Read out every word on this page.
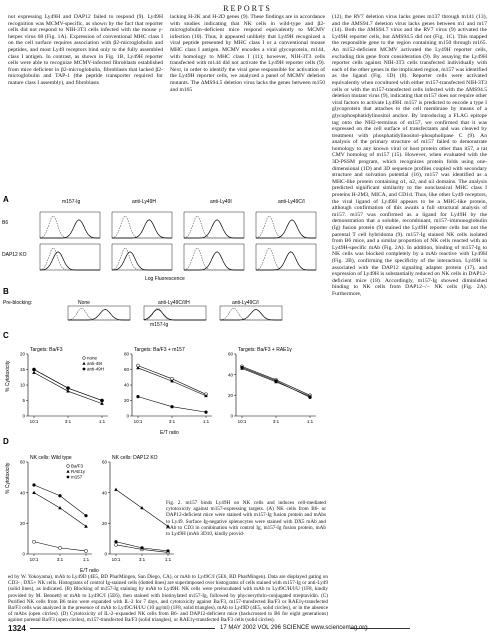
REPORTS

not expressing Ly49H and DAP12 failed to respond (9). Ly49H recognition was MCMV-specific, as shown by the fact that reporter cells did not respond to NIH-3T3 cells infected with the mouse γ-herpes virus 68 (Fig. 1A). Expression of conventional MHC class I on the cell surface requires association with β2-microglobulin and peptides, and most Ly49 receptors bind only to the fully assembled class I antigen. In contrast, as shown in Fig. 1B, Ly49H reporter cells were able to recognize MCMV-infected fibroblasts established from mice deficient in β2-microglobulin, fibroblasts that lacked β2-microglobulin and TAP-1 (the peptide transporter required for mature class I assembly), and fibroblasts

lacking H-2K and H-2D genes (9). These findings are in accordance with studies indicating that NK cells in wild-type and β2-microglobulin–deficient mice respond equivalently to MCMV infection (10). Thus, it appeared unlikely that Ly49H recognized a viral peptide presented by MHC class I or a conventional mouse MHC class I antigen. MCMV encodes a viral glycoprotein, m144, with homology to MHC class I (11); however, NIH-3T3 cells transfected with m144 did not activate the Ly49H reporter cells (9). Next, in order to identify the viral gene responsible for activation of the Ly49H reporter cells, we analyzed a panel of MCMV deletion mutants. The ΔMS94.5 deletion virus lacks the genes between m150 and m165

(12), the RV7 deletion virus lacks genes m137 through m141 (13), and the ΔMS94.7 deletion virus lacks genes between m1 and m17 (14). Both the ΔMS94.7 virus and the RV7 virus (9) activated the Ly49H reporter cells, but ΔMS94.5 did not (Fig. 1C). This mapped the responsible gene to the region containing m150 through m165. An m152-deficient MCMV activated the Ly49H reporter cells, excluding this gene from consideration (9). By assaying the Ly49H reporter cells against NIH-3T3 cells transfected individually with each of the other genes in the implicated region, m157 was identified as the ligand (Fig. 1D) (8). Reporter cells were activated equivalently when cocultured with either m157-transfected NIH-3T3 cells or with the m157-transfected cells infected with the ΔMS94.5 deletion mutant virus (9), indicating that m157 does not require other viral factors to activate Ly49H. m157 is predicted to encode a type I glycoprotein that attaches to the cell membrane by means of a glycophosphatidylinositol anchor. By introducing a FLAG epitope tag onto the NH2-terminus of m157, we confirmed that it was expressed on the cell surface of transfectants and was cleaved by treatment with phosphatidylinositol–phospholipase C (9). An analysis of the primary structure of m157 failed to demonstrate homology to any known viral or host protein other than it57, a rat CMV homolog of m157 (15). However, when evaluated with the 3D-PSSM program, which recognizes protein folds using one-dimensional (1D) and 3D sequence profiles coupled with secondary structure and solvation potential (16), m157 was identified as a MHC-like protein containing α1, α2, and α3 domains. The analysis predicted significant similarity to the nonclassical MHC class I proteins H-2M3, MICA, and CD1d. Thus, like other Ly49 receptors, the viral ligand of Ly49H appears to be a MHC-like protein, although confirmation of this awaits a full structural analysis of m157. m157 was confirmed as a ligand for Ly49H by the demonstration that a soluble, recombinant, m157–immunoglobulin (Ig) fusion protein (9) stained the Ly49H reporter cells but not the parental T cell hybridoma (9). m157-Ig stained NK cells isolated from B6 mice, and a similar proportion of NK cells reacted with an Ly49H-specific mAb (Fig. 2A). In addition, binding of m157-Ig to NK cells was blocked completely by a mAb reactive with Ly49H (Fig. 2B), confirming the specificity of the interaction. Ly49H is associated with the DAP12 signaling adapter protein (17), and expression of Ly49H is substantially reduced on NK cells in DAP12-deficient mice (18). Accordingly, m157-Ig showed diminished binding to NK cells from DAP12−/− NK cells (Fig. 2A). Furthermore,

A	m157-Ig	anti-Ly49H	anti-Ly49I	anti-Ly49C/I
B6
DAP12 KO
Log Fluorescence
B
Pre-blocking:	None	anti-Ly49C/I/H	anti-Ly49C/I
m157-Ig
C
% Cytotoxicity
Targets: Ba/F3
0
5
10
15
20
10:1	3:1	1:1
none
anti-49I
anti-49H
Targets: Ba/F3 + m157
0
20
40
60
80
10:1	3:1	1:1
Targets: Ba/F3 + RAE1γ
0
20
40
60
10:1	3:1	1:1
E/T ratio
D
% Cytotoxicity
NK cells: Wild type
0
20
40
60
10:1	3:1	1:1
Ba/F3
RAE1γ
m157
NK cells: DAP12 KO
0
20
40
60
10:1	3:1	1:1
E/T ratio
Fig. 2. m157 binds Ly49H on NK cells and induces cell-mediated cytotoxicity against m157-expressing targets. (A) NK cells from B6- or DAP12-deficient mice were stained with m157-Ig fusion protein and mAbs to Ly49. Surface Ig-negative splenocytes were stained with DX5 mAb and mAb to CD3 in combination with control Ig, m157-Ig fusion protein, mAb to Ly49H (mAb 3D10, kindly provid-
ed by W. Yokoyama), mAb to Ly49D (4E5, BD PharMingen, San Diego, CA), or mAb to Ly49C/I (5E6, BD PharMingen). Data are displayed gating on CD3−, DX5+ NK cells. Histograms of control Ig-stained cells (dotted lines) are superimposed over histograms of cells stained with m157-Ig or anti-Ly49 (solid lines), as indicated. (B) Blocking of m157-Ig staining by mAb to Ly49H. NK cells were preincubated with mAb to Ly49C/H/I/U (1F8, kindly provided by M. Bennett) or mAb to Ly49C/I (5E6), then stained with biotinylated m157-Ig, followed by phycoerythrin-conjugated streptavidin. (C) Purified NK cells from B6 mice were expanded with IL-2 for 7 days, and cytotoxicity against Ba/F3, m157-transfected Ba/F3 or RAE1γ-transfected Ba/F3 cells was analyzed in the presence of mAb to Ly49C/H/I/U (10 μg/ml) (1F8, solid triangles), mAb to Ly49D (4E5, solid circles), or in the absence of mAbs (open circles). (D) Cytotoxicity of IL-2–expanded NK cells from B6- and DAP12-deficient mice (backcrossed to B6 for eight generations) against parental Ba/F3 (open circles), m157-transfected Ba/F3 (solid triangles), or RAE1γ-transfected Ba/F3 cells (solid circles).
1324	17 MAY 2002 VOL 296 SCIENCE www.sciencemag.org
